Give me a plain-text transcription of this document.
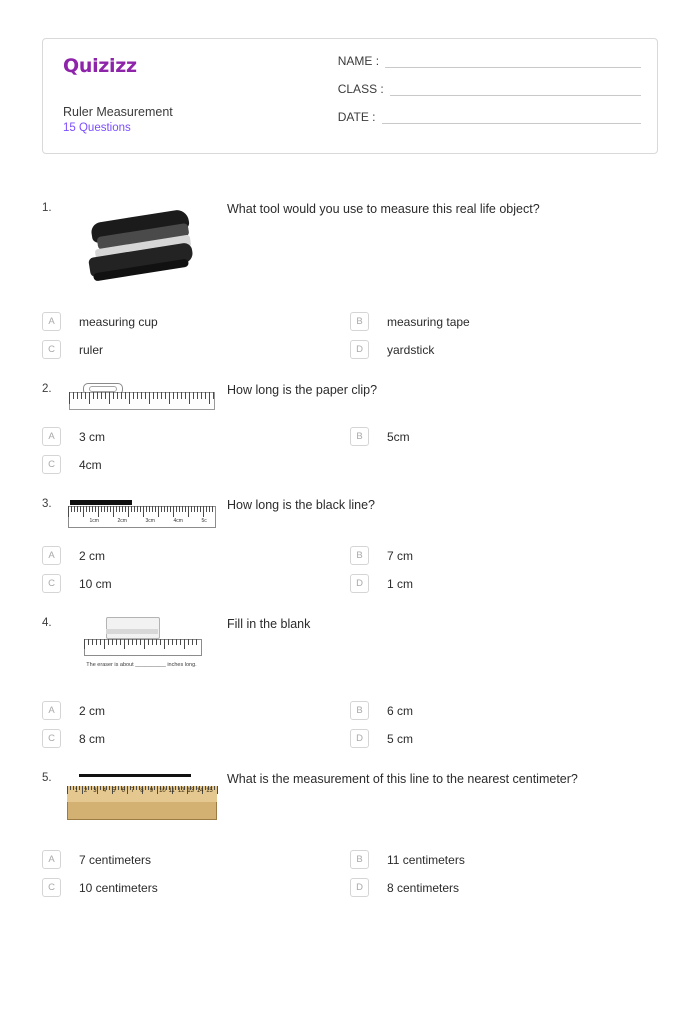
Quizizz
Ruler Measurement
15 Questions
NAME :
CLASS :
DATE :
1.	What tool would you use to measure this real life object?
A	measuring cup	B	measuring tape
C	ruler	D	yardstick
2.	How long is the paper clip?
A	3 cm	B	5cm
C	4cm
3.
1cm	2cm	3cm	4cm	5c
How long is the black line?
A	2 cm	B	7 cm
C	10 cm	D	1 cm
4.
The eraser is about __________ inches long.
Fill in the blank
A	2 cm	B	6 cm
C	8 cm	D	5 cm
5.
1 2 3 4 5 6 7 8 9 10 11 12 13 14 15
What is the measurement of this line to the nearest centimeter?
A	7 centimeters	B	11 centimeters
C	10 centimeters	D	8 centimeters
